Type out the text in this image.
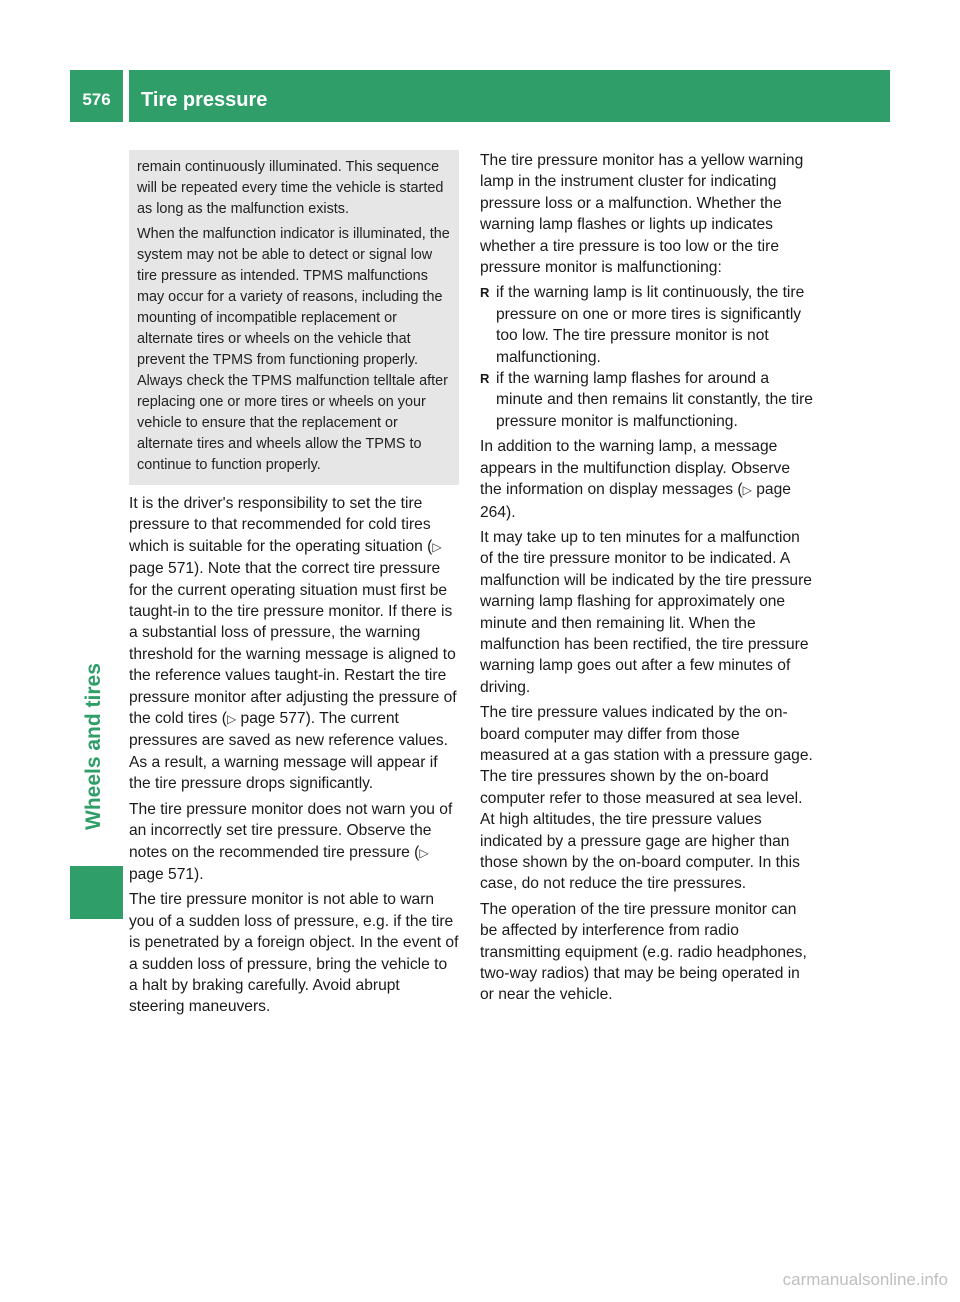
576	Tire pressure
Wheels and tires

remain continuously illuminated. This sequence will be repeated every time the vehicle is started as long as the malfunction exists.

When the malfunction indicator is illuminated, the system may not be able to detect or signal low tire pressure as intended. TPMS malfunctions may occur for a variety of reasons, including the mounting of incompatible replacement or alternate tires or wheels on the vehicle that prevent the TPMS from functioning properly. Always check the TPMS malfunction telltale after replacing one or more tires or wheels on your vehicle to ensure that the replacement or alternate tires and wheels allow the TPMS to continue to function properly.

It is the driver's responsibility to set the tire pressure to that recommended for cold tires which is suitable for the operating situation (▷ page 571). Note that the correct tire pressure for the current operating situation must first be taught-in to the tire pressure monitor. If there is a substantial loss of pressure, the warning threshold for the warning message is aligned to the reference values taught-in. Restart the tire pressure monitor after adjusting the pressure of the cold tires (▷ page 577). The current pressures are saved as new reference values. As a result, a warning message will appear if the tire pressure drops significantly.

The tire pressure monitor does not warn you of an incorrectly set tire pressure. Observe the notes on the recommended tire pressure (▷ page 571).

The tire pressure monitor is not able to warn you of a sudden loss of pressure, e.g. if the tire is penetrated by a foreign object. In the event of a sudden loss of pressure, bring the vehicle to a halt by braking carefully. Avoid abrupt steering maneuvers.

The tire pressure monitor has a yellow warning lamp in the instrument cluster for indicating pressure loss or a malfunction. Whether the warning lamp flashes or lights up indicates whether a tire pressure is too low or the tire pressure monitor is malfunctioning:

R if the warning lamp is lit continuously, the tire pressure on one or more tires is significantly too low. The tire pressure monitor is not malfunctioning.
R if the warning lamp flashes for around a minute and then remains lit constantly, the tire pressure monitor is malfunctioning.

In addition to the warning lamp, a message appears in the multifunction display. Observe the information on display messages (▷ page 264).

It may take up to ten minutes for a malfunction of the tire pressure monitor to be indicated. A malfunction will be indicated by the tire pressure warning lamp flashing for approximately one minute and then remaining lit. When the malfunction has been rectified, the tire pressure warning lamp goes out after a few minutes of driving.

The tire pressure values indicated by the on-board computer may differ from those measured at a gas station with a pressure gage. The tire pressures shown by the on-board computer refer to those measured at sea level. At high altitudes, the tire pressure values indicated by a pressure gage are higher than those shown by the on-board computer. In this case, do not reduce the tire pressures.

The operation of the tire pressure monitor can be affected by interference from radio transmitting equipment (e.g. radio headphones, two-way radios) that may be being operated in or near the vehicle.

carmanualsonline.info
